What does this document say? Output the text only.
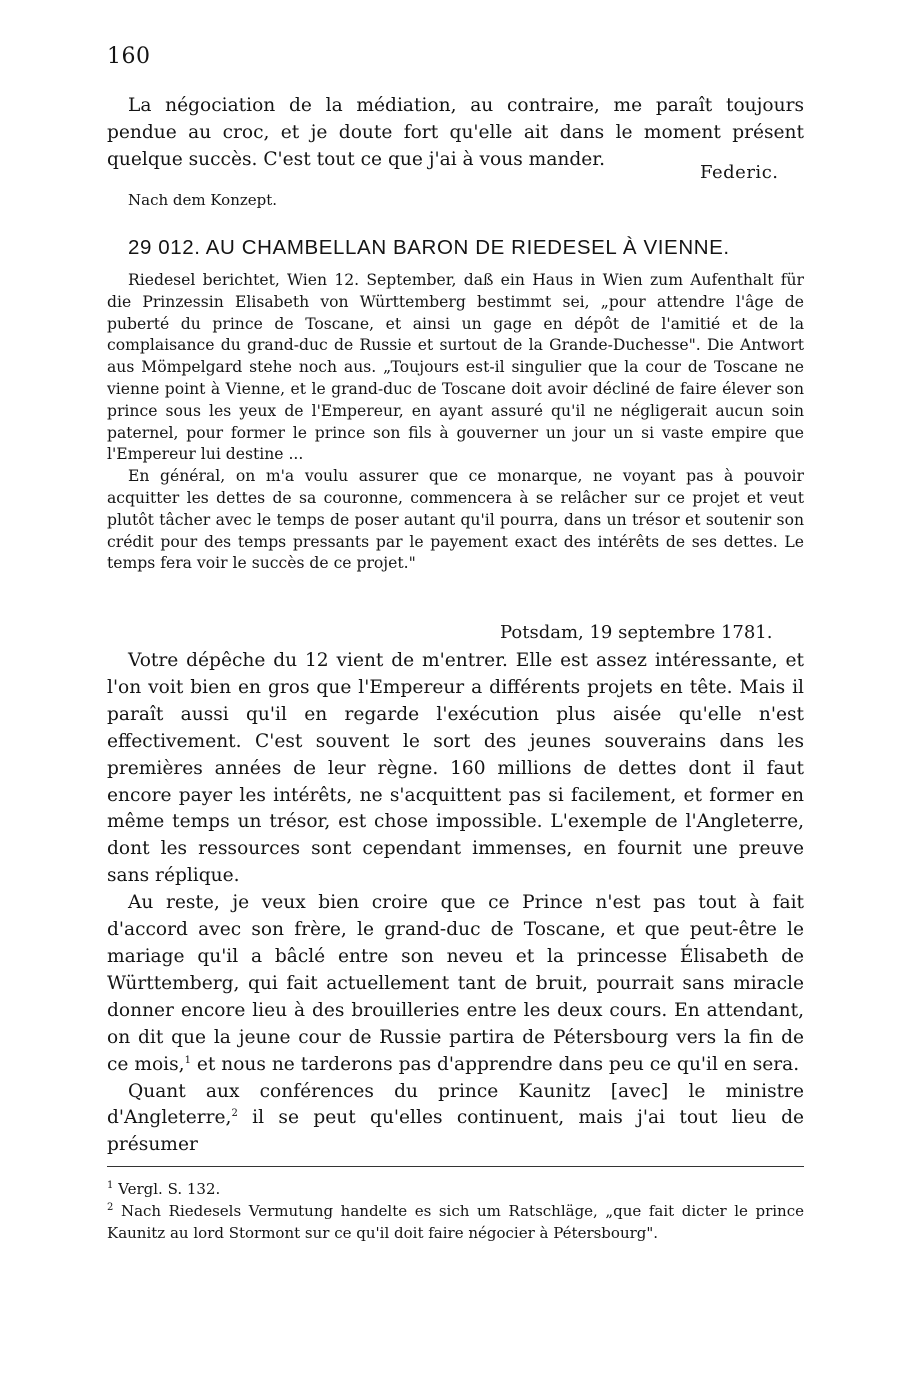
160

La négociation de la médiation, au contraire, me paraît toujours pendue au croc, et je doute fort qu'elle ait dans le moment présent quelque succès. C'est tout ce que j'ai à vous mander.

Federic.
Nach dem Konzept.
29 012. AU CHAMBELLAN BARON DE RIEDESEL À VIENNE.

Riedesel berichtet, Wien 12. September, daß ein Haus in Wien zum Aufenthalt für die Prinzessin Elisabeth von Württemberg bestimmt sei, „pour attendre l'âge de puberté du prince de Toscane, et ainsi un gage en dépôt de l'amitié et de la complaisance du grand-duc de Russie et surtout de la Grande-Duchesse". Die Antwort aus Mömpelgard stehe noch aus. „Toujours est-il singulier que la cour de Toscane ne vienne point à Vienne, et le grand-duc de Toscane doit avoir décliné de faire élever son prince sous les yeux de l'Empereur, en ayant assuré qu'il ne négligerait aucun soin paternel, pour former le prince son fils à gouverner un jour un si vaste empire que l'Empereur lui destine ...

En général, on m'a voulu assurer que ce monarque, ne voyant pas à pouvoir acquitter les dettes de sa couronne, commencera à se relâcher sur ce projet et veut plutôt tâcher avec le temps de poser autant qu'il pourra, dans un trésor et soutenir son crédit pour des temps pressants par le payement exact des intérêts de ses dettes. Le temps fera voir le succès de ce projet."

Potsdam, 19 septembre 1781.

Votre dépêche du 12 vient de m'entrer. Elle est assez intéressante, et l'on voit bien en gros que l'Empereur a différents projets en tête. Mais il paraît aussi qu'il en regarde l'exécution plus aisée qu'elle n'est effectivement. C'est souvent le sort des jeunes souverains dans les premières années de leur règne. 160 millions de dettes dont il faut encore payer les intérêts, ne s'acquittent pas si facilement, et former en même temps un trésor, est chose impossible. L'exemple de l'Angleterre, dont les ressources sont cependant immenses, en fournit une preuve sans réplique.

Au reste, je veux bien croire que ce Prince n'est pas tout à fait d'accord avec son frère, le grand-duc de Toscane, et que peut-être le mariage qu'il a bâclé entre son neveu et la princesse Élisabeth de Württemberg, qui fait actuellement tant de bruit, pourrait sans miracle donner encore lieu à des brouilleries entre les deux cours. En attendant, on dit que la jeune cour de Russie partira de Pétersbourg vers la fin de ce mois,$^1$ et nous ne tarderons pas d'apprendre dans peu ce qu'il en sera.

Quant aux conférences du prince Kaunitz [avec] le ministre d'Angleterre,$^2$ il se peut qu'elles continuent, mais j'ai tout lieu de présumer

$^1$ Vergl. S. 132.

$^2$ Nach Riedesels Vermutung handelte es sich um Ratschläge, „que fait dicter le prince Kaunitz au lord Stormont sur ce qu'il doit faire négocier à Pétersbourg".
